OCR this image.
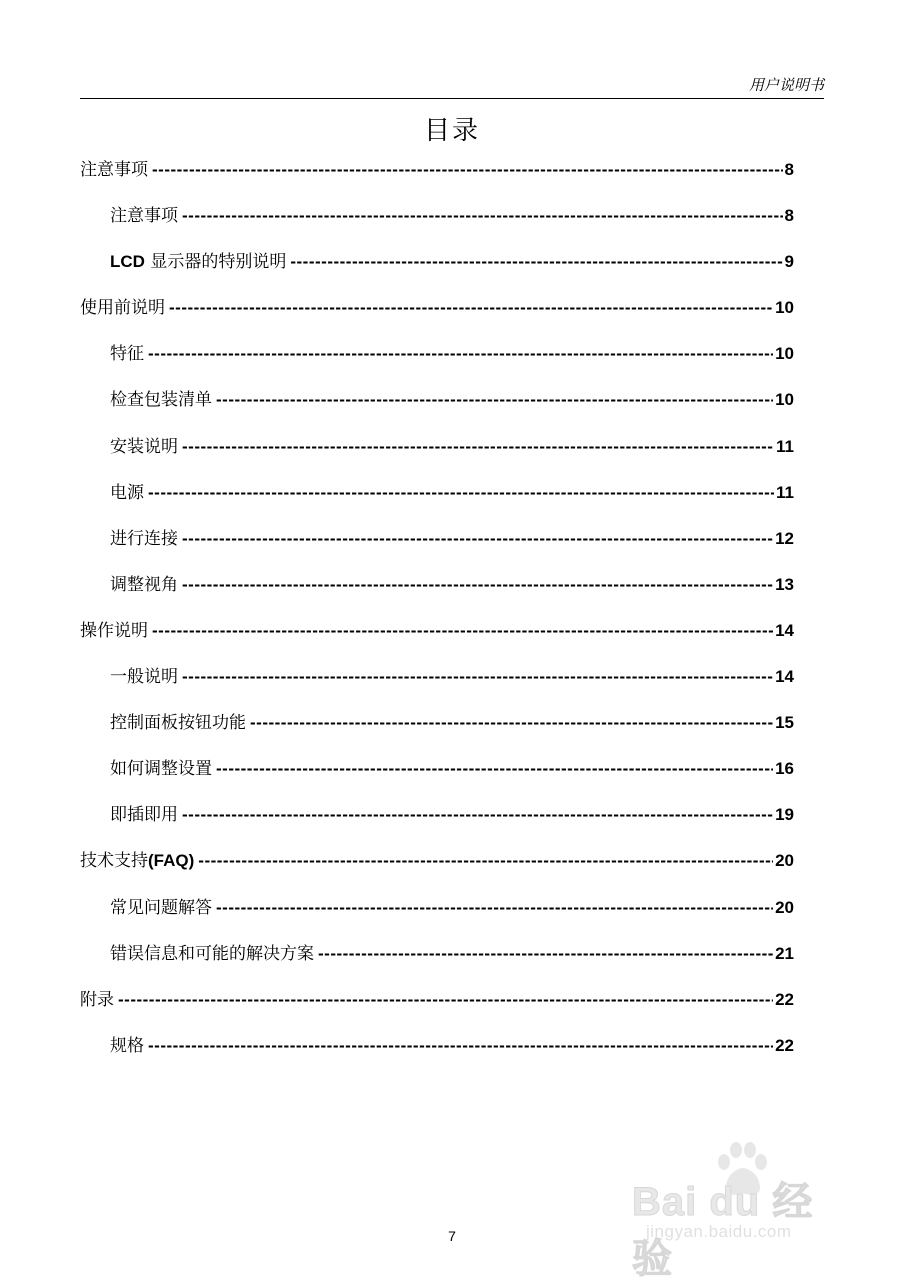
用户说明书
目录
注意事项 -----	8
注意事项 -----	8
LCD 显示器的特别说明 -----	9
使用前说明 -----	10
特征 -----	10
检查包装清单 -----	10
安装说明 -----	11
电源 -----	11
进行连接 -----	12
调整视角 -----	13
操作说明 -----	14
一般说明 -----	14
控制面板按钮功能 -----	15
如何调整设置 -----	16
即插即用 -----	19
技术支持(FAQ) -----	20
常见问题解答 -----	20
错误信息和可能的解决方案 -----	21
附录 -----	22
规格 -----	22
7
Bai du 经验
jingyan.baidu.com
